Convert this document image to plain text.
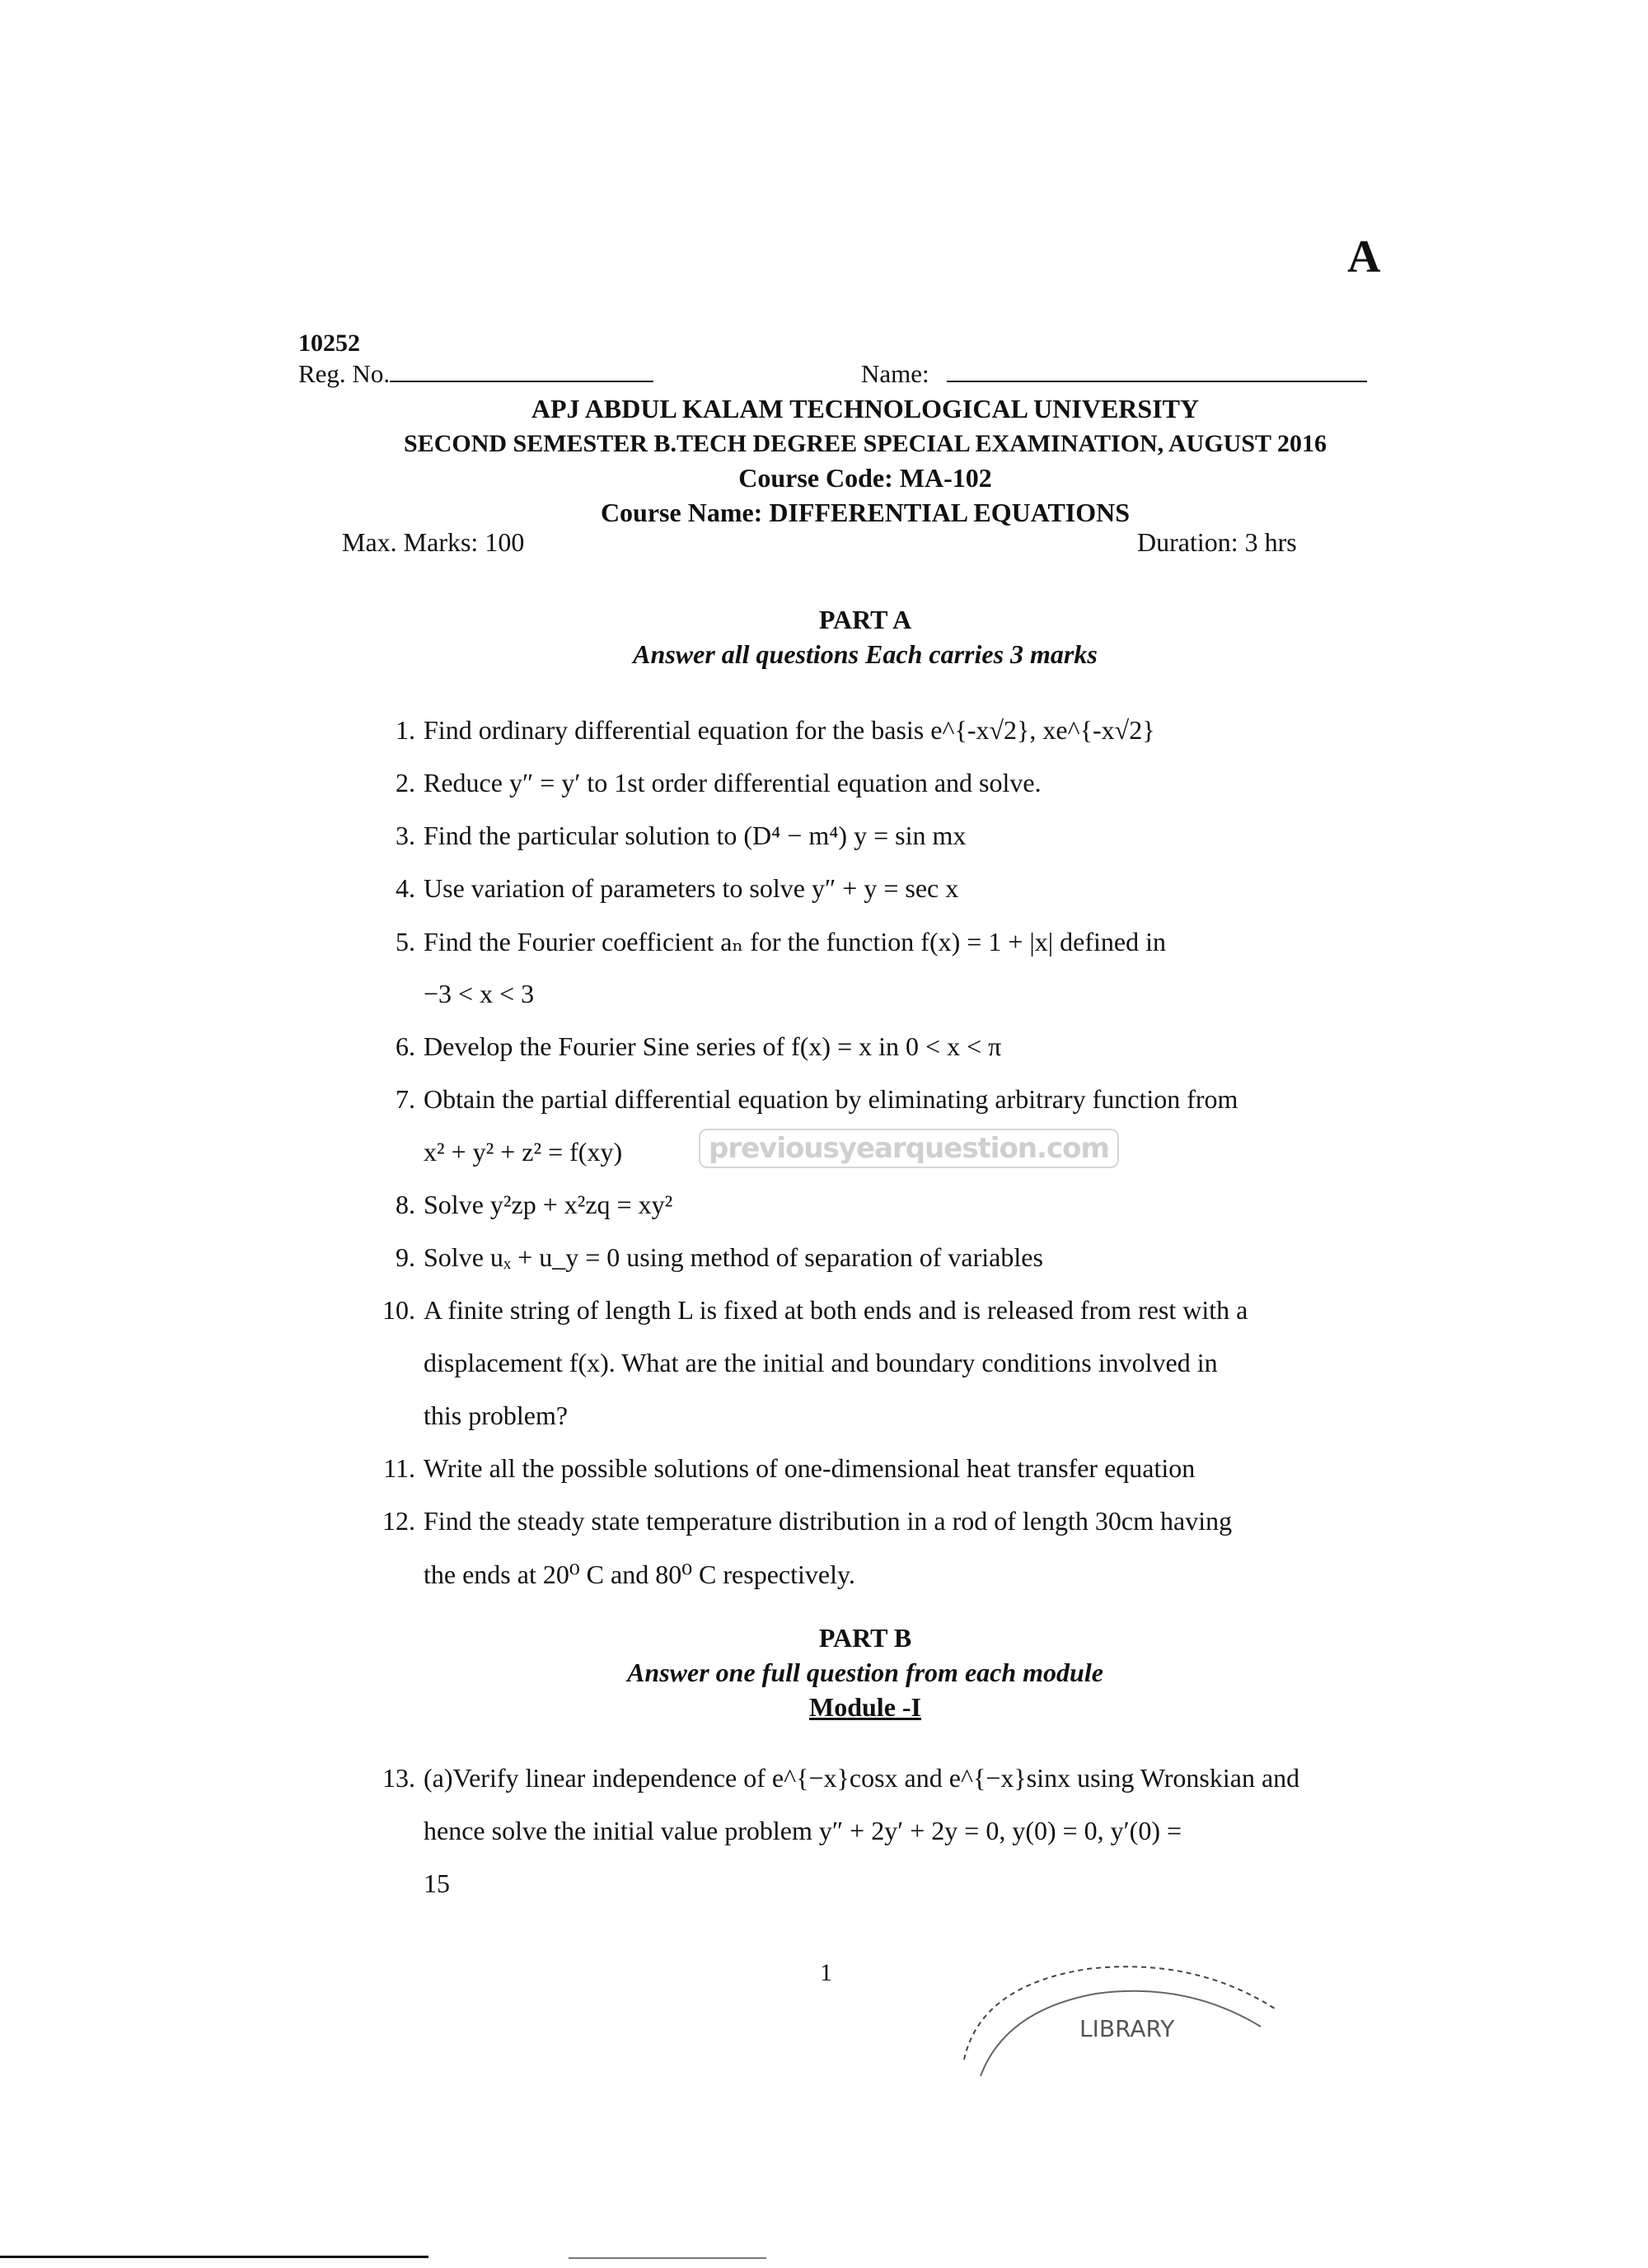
A
10252
Reg. No.	Name:
APJ ABDUL KALAM TECHNOLOGICAL UNIVERSITY
SECOND SEMESTER B.TECH DEGREE SPECIAL EXAMINATION, AUGUST 2016
Course Code: MA-102
Course Name: DIFFERENTIAL EQUATIONS
Max. Marks: 100	Duration: 3 hrs
PART A
Answer all questions Each carries 3 marks
1. Find ordinary differential equation for the basis e^{-x√2}, xe^{-x√2}
2. Reduce y″ = y′ to 1st order differential equation and solve.
3. Find the particular solution to (D⁴ − m⁴) y = sin mx
4. Use variation of parameters to solve y″ + y = sec x
5. Find the Fourier coefficient aₙ for the function f(x) = 1 + |x| defined in
−3 < x < 3
6. Develop the Fourier Sine series of f(x) = x in 0 < x < π
7. Obtain the partial differential equation by eliminating arbitrary function from
x² + y² + z² = f(xy)
8. Solve y²zp + x²zq = xy²
9. Solve uₓ + u_y = 0 using method of separation of variables
10. A finite string of length L is fixed at both ends and is released from rest with a
displacement f(x). What are the initial and boundary conditions involved in
this problem?
11. Write all the possible solutions of one-dimensional heat transfer equation
12. Find the steady state temperature distribution in a rod of length 30cm having
the ends at 20⁰ C and 80⁰ C respectively.
previousyearquestion.com
PART B
Answer one full question from each module
Module -I
13. (a)Verify linear independence of e^{−x}cosx and e^{−x}sinx using Wronskian and
hence solve the initial value problem y″ + 2y′ + 2y = 0, y(0) = 0, y′(0) =
15
1
LIBRARY
